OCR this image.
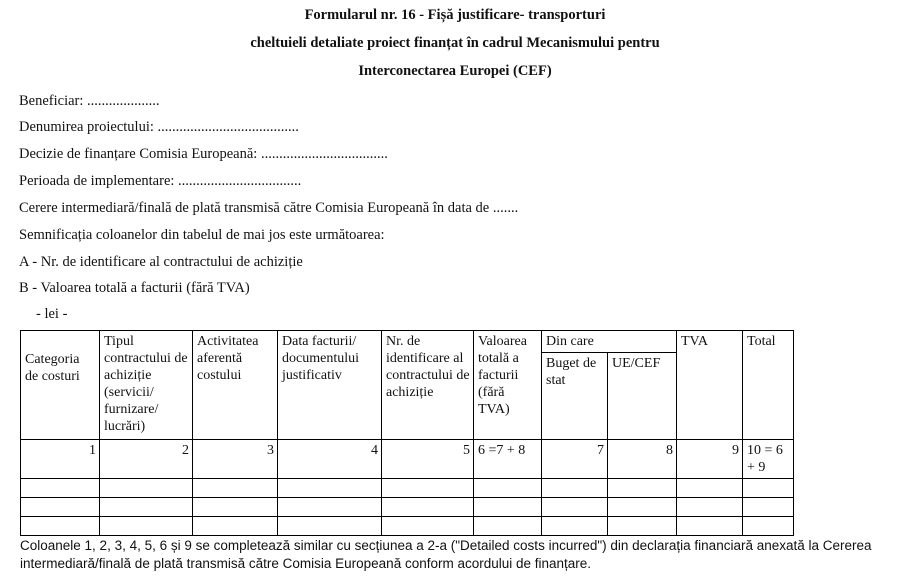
Formularul nr. 16 - Fișă justificare- transporturi

cheltuieli detaliate proiect finanțat în cadrul Mecanismului pentru

Interconectarea Europei (CEF)

Beneficiar: ....................

Denumirea proiectului: .......................................

Decizie de finanțare Comisia Europeană: ...................................

Perioada de implementare: ..................................

Cerere intermediară/finală de plată transmisă către Comisia Europeană în data de .......

Semnificația coloanelor din tabelul de mai jos este următoarea:

A - Nr. de identificare al contractului de achiziție

B - Valoarea totală a facturii (fără TVA)

- lei -
Categoria de costuri	Tipul contractului de achiziție (servicii/ furnizare/ lucrări)	Activitatea aferentă costului	Data facturii/ documentului justificativ	Nr. de identificare al contractului de achiziție	Valoarea totală a facturii (fără TVA)	Din care		TVA	Total
						Buget de stat	UE/CEF		
1	2	3	4	5	6 =7 + 8	7	8	9	10 = 6 + 9

Coloanele 1, 2, 3, 4, 5, 6 și 9 se completează similar cu secțiunea a 2-a ("Detailed costs incurred") din declarația financiară anexată la Cererea intermediară/finală de plată transmisă către Comisia Europeană conform acordului de finanțare.
